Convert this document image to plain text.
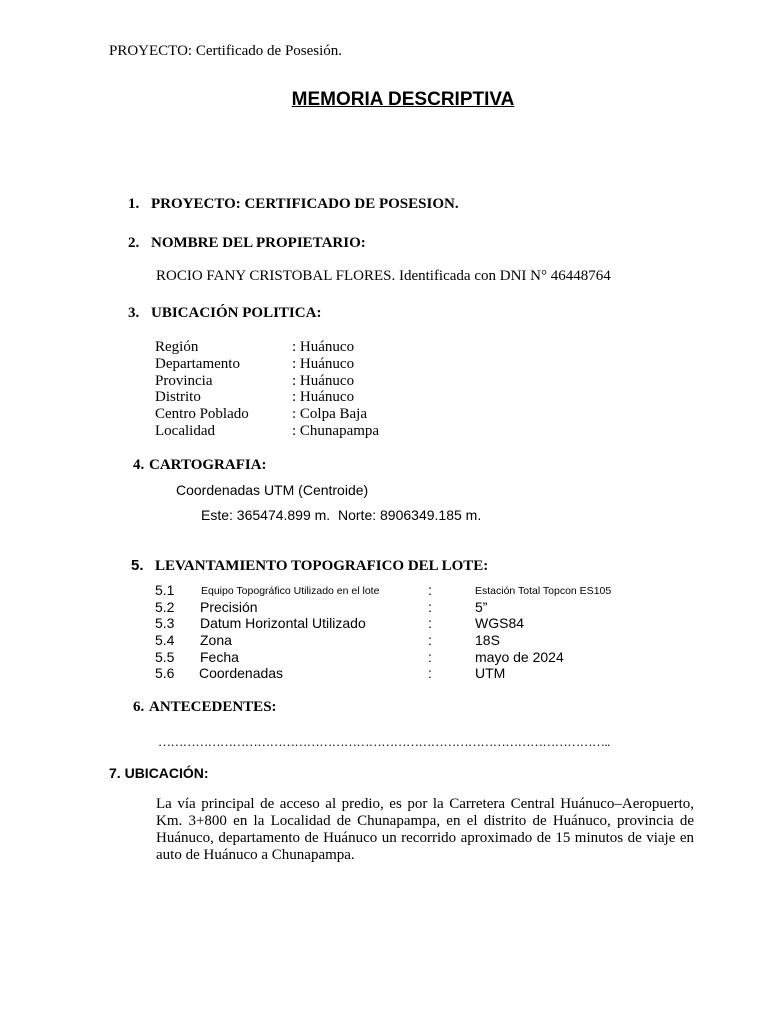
PROYECTO: Certificado de Posesión.
MEMORIA DESCRIPTIVA
1. PROYECTO: CERTIFICADO DE POSESION.
2. NOMBRE DEL PROPIETARIO:
ROCIO FANY CRISTOBAL FLORES. Identificada con DNI N° 46448764
3. UBICACIÓN POLITICA:
Región	: Huánuco
Departamento	: Huánuco
Provincia	: Huánuco
Distrito	: Huánuco
Centro Poblado	: Colpa Baja
Localidad	: Chunapampa
4. CARTOGRAFIA:
Coordenadas UTM (Centroide)
Este: 365474.899 m. Norte: 8906349.185 m.
5. LEVANTAMIENTO TOPOGRAFICO DEL LOTE:
5.1	Equipo Topográfico Utilizado en el lote	:	Estación Total Topcon ES105
5.2 Precisión	:	5”
5.3 Datum Horizontal Utilizado	:	WGS84
5.4 Zona	:	18S
5.5 Fecha	:	mayo de 2024
5.6 Coordenadas	:	UTM
6. ANTECEDENTES:
………………………………………………………………………………………………..
7. UBICACIÓN:
La vía principal de acceso al predio, es por la Carretera Central Huánuco–Aeropuerto, Km. 3+800 en la Localidad de Chunapampa, en el distrito de Huánuco, provincia de Huánuco, departamento de Huánuco un recorrido aproximado de 15 minutos de viaje en auto de Huánuco a Chunapampa.
